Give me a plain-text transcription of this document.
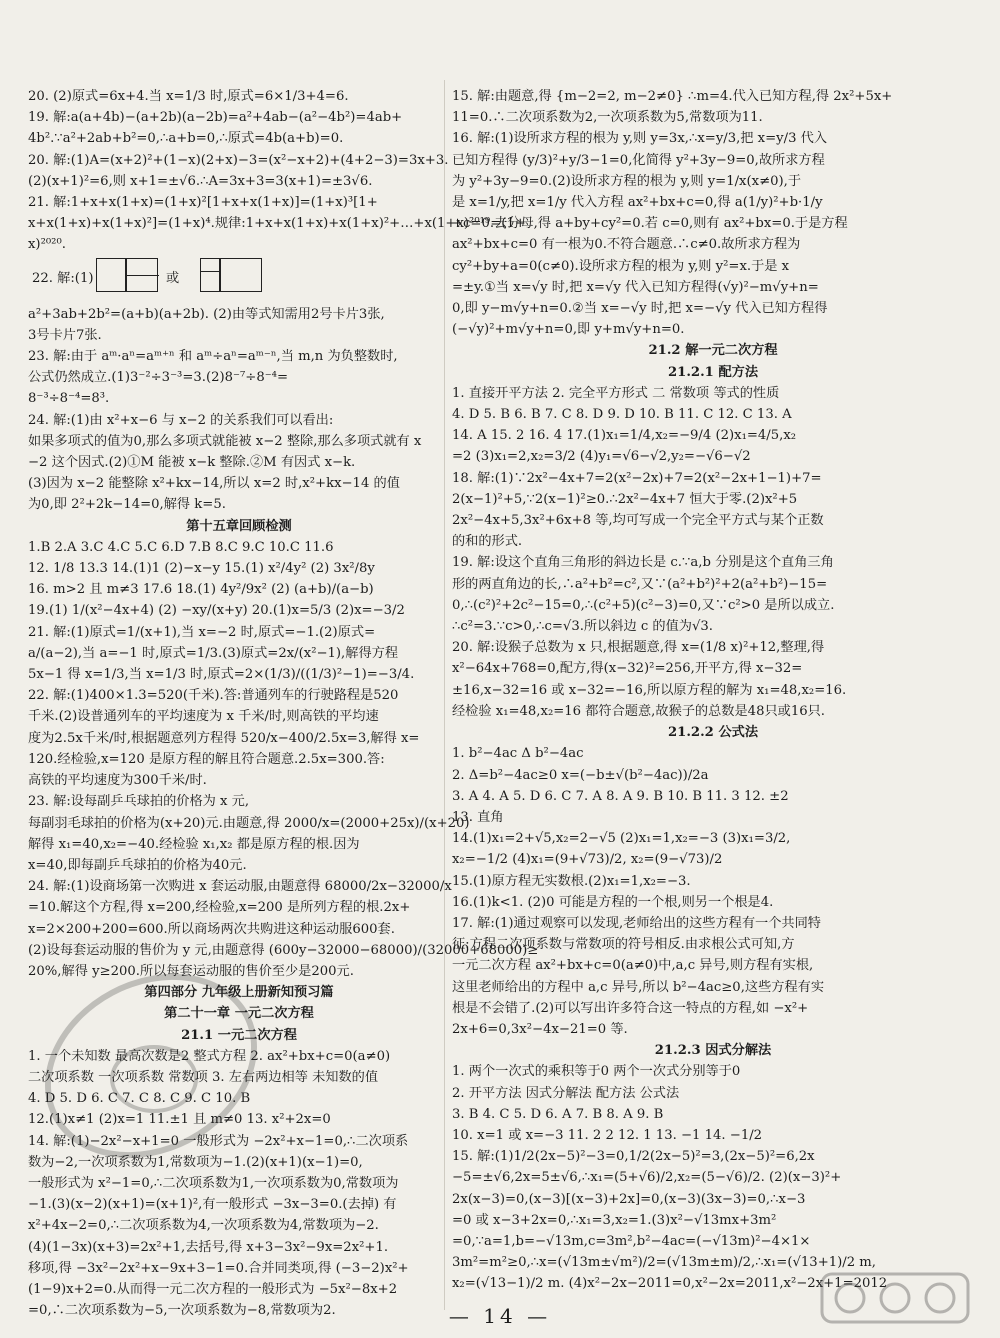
20. (2)原式=6x+4.当 x=1/3 时,原式=6×1/3+4=6.

19. 解:a(a+4b)−(a+2b)(a−2b)=a²+4ab−(a²−4b²)=4ab+

4b².∵a²+2ab+b²=0,∴a+b=0,∴原式=4b(a+b)=0.

20. 解:(1)A=(x+2)²+(1−x)(2+x)−3=(x²−x+2)+(4+2−3)=3x+3.

(2)(x+1)²=6,则 x+1=±√6.∴A=3x+3=3(x+1)=±3√6.

21. 解:1+x+x(1+x)=(1+x)²[1+x+x(1+x)]=(1+x)³[1+

x+x(1+x)+x(1+x)²]=(1+x)⁴.规律:1+x+x(1+x)+x(1+x)²+…+x(1+x)²⁰¹⁹=(1+

x)²⁰²⁰.

22. 解:(1)	或

a²+3ab+2b²=(a+b)(a+2b). (2)由等式知需用2号卡片3张,

3号卡片7张.

23. 解:由于 aᵐ·aⁿ=aᵐ⁺ⁿ 和 aᵐ÷aⁿ=aᵐ⁻ⁿ,当 m,n 为负整数时,

公式仍然成立.(1)3⁻²÷3⁻³=3.(2)8⁻⁷÷8⁻⁴=

8⁻³÷8⁻⁴=8³.

24. 解:(1)由 x²+x−6 与 x−2 的关系我们可以看出:

如果多项式的值为0,那么多项式就能被 x−2 整除,那么多项式就有 x

−2 这个因式.(2)①M 能被 x−k 整除.②M 有因式 x−k.

(3)因为 x−2 能整除 x²+kx−14,所以 x=2 时,x²+kx−14 的值

为0,即 2²+2k−14=0,解得 k=5.

第十五章回顾检测

1.B 2.A 3.C 4.C 5.C 6.D 7.B 8.C 9.C 10.C 11.6

12. 1/8 13.3 14.(1)1 (2)−x−y 15.(1) x²/4y² (2) 3x²/8y

16. m>2 且 m≠3 17.6 18.(1) 4y²/9x² (2) (a+b)/(a−b)

19.(1) 1/(x²−4x+4) (2) −xy/(x+y) 20.(1)x=5/3 (2)x=−3/2

21. 解:(1)原式=1/(x+1),当 x=−2 时,原式=−1.(2)原式=

a/(a−2),当 a=−1 时,原式=1/3.(3)原式=2x/(x²−1),解得方程

5x−1 得 x=1/3,当 x=1/3 时,原式=2×(1/3)/((1/3)²−1)=−3/4.

22. 解:(1)400×1.3=520(千米).答:普通列车的行驶路程是520

千米.(2)设普通列车的平均速度为 x 千米/时,则高铁的平均速

度为2.5x千米/时,根据题意列方程得 520/x−400/2.5x=3,解得 x=

120.经检验,x=120 是原方程的解且符合题意.2.5x=300.答:

高铁的平均速度为300千米/时.

23. 解:设每副乒乓球拍的价格为 x 元,

每副羽毛球拍的价格为(x+20)元.由题意,得 2000/x=(2000+25x)/(x+20)

解得 x₁=40,x₂=−40.经检验 x₁,x₂ 都是原方程的根.因为

x=40,即每副乒乓球拍的价格为40元.

24. 解:(1)设商场第一次购进 x 套运动服,由题意得 68000/2x−32000/x

=10.解这个方程,得 x=200,经检验,x=200 是所列方程的根.2x+

x=2×200+200=600.所以商场两次共购进这种运动服600套.

(2)设每套运动服的售价为 y 元,由题意得 (600y−32000−68000)/(32000+68000)≥

20%,解得 y≥200.所以每套运动服的售价至少是200元.

第四部分 九年级上册新知预习篇

第二十一章 一元二次方程

21.1 一元二次方程

1. 一个未知数 最高次数是2 整式方程 2. ax²+bx+c=0(a≠0)

二次项系数 一次项系数 常数项 3. 左右两边相等 未知数的值

4. D 5. D 6. C 7. C 8. C 9. C 10. B

12.(1)x≠1 (2)x=1 11.±1 且 m≠0 13. x²+2x=0

14. 解:(1)−2x²−x+1=0 一般形式为 −2x²+x−1=0,∴二次项系

数为−2,一次项系数为1,常数项为−1.(2)(x+1)(x−1)=0,

一般形式为 x²−1=0,∴二次项系数为1,一次项系数为0,常数项为

−1.(3)(x−2)(x+1)=(x+1)²,有一般形式 −3x−3=0.(去掉) 有

x²+4x−2=0,∴二次项系数为4,一次项系数为4,常数项为−2.

(4)(1−3x)(x+3)=2x²+1,去括号,得 x+3−3x²−9x=2x²+1.

移项,得 −3x²−2x²+x−9x+3−1=0.合并同类项,得 (−3−2)x²+

(1−9)x+2=0.从而得一元二次方程的一般形式为 −5x²−8x+2

=0,∴二次项系数为−5,一次项系数为−8,常数项为2.

15. 解:由题意,得 {m−2=2, m−2≠0} ∴m=4.代入已知方程,得 2x²+5x+

11=0.∴二次项系数为2,一次项系数为5,常数项为11.

16. 解:(1)设所求方程的根为 y,则 y=3x,∴x=y/3,把 x=y/3 代入

已知方程得 (y/3)²+y/3−1=0,化简得 y²+3y−9=0,故所求方程

为 y²+3y−9=0.(2)设所求方程的根为 y,则 y=1/x(x≠0),于

是 x=1/y,把 x=1/y 代入方程 ax²+bx+c=0,得 a(1/y)²+b·1/y

+c=0.去分母,得 a+by+cy²=0.若 c=0,则有 ax²+bx=0.于是方程

ax²+bx+c=0 有一根为0.不符合题意.∴c≠0.故所求方程为

cy²+by+a=0(c≠0).设所求方程的根为 y,则 y²=x.于是 x

=±y.①当 x=√y 时,把 x=√y 代入已知方程得(√y)²−m√y+n=

0,即 y−m√y+n=0.②当 x=−√y 时,把 x=−√y 代入已知方程得

(−√y)²+m√y+n=0,即 y+m√y+n=0.

21.2 解一元二次方程

21.2.1 配方法

1. 直接开平方法 2. 完全平方形式 二 常数项 等式的性质

4. D 5. B 6. B 7. C 8. D 9. D 10. B 11. C 12. C 13. A

14. A 15. 2 16. 4 17.(1)x₁=1/4,x₂=−9/4 (2)x₁=4/5,x₂

=2 (3)x₁=2,x₂=3/2 (4)y₁=√6−√2,y₂=−√6−√2

18. 解:(1)∵2x²−4x+7=2(x²−2x)+7=2(x²−2x+1−1)+7=

2(x−1)²+5,∵2(x−1)²≥0.∴2x²−4x+7 恒大于零.(2)x²+5

2x²−4x+5,3x²+6x+8 等,均可写成一个完全平方式与某个正数

的和的形式.

19. 解:设这个直角三角形的斜边长是 c.∵a,b 分别是这个直角三角

形的两直角边的长,∴a²+b²=c²,又∵(a²+b²)²+2(a²+b²)−15=

0,∴(c²)²+2c²−15=0,∴(c²+5)(c²−3)=0,又∵c²>0 是所以成立.

∴c²=3.∵c>0,∴c=√3.所以斜边 c 的值为√3.

20. 解:设猴子总数为 x 只,根据题意,得 x=(1/8 x)²+12,整理,得

x²−64x+768=0,配方,得(x−32)²=256,开平方,得 x−32=

±16,x−32=16 或 x−32=−16,所以原方程的解为 x₁=48,x₂=16.

经检验 x₁=48,x₂=16 都符合题意,故猴子的总数是48只或16只.

21.2.2 公式法

1. b²−4ac Δ b²−4ac

2. Δ=b²−4ac≥0 x=(−b±√(b²−4ac))/2a

3. A 4. A 5. D 6. C 7. A 8. A 9. B 10. B 11. 3 12. ±2

13. 直角

14.(1)x₁=2+√5,x₂=2−√5 (2)x₁=1,x₂=−3 (3)x₁=3/2,

x₂=−1/2 (4)x₁=(9+√73)/2, x₂=(9−√73)/2

15.(1)原方程无实数根.(2)x₁=1,x₂=−3.

16.(1)k<1. (2)0 可能是方程的一个根,则另一个根是4.

17. 解:(1)通过观察可以发现,老师给出的这些方程有一个共同特

征:方程二次项系数与常数项的符号相反.由求根公式可知,方

一元二次方程 ax²+bx+c=0(a≠0)中,a,c 异号,则方程有实根,

这里老师给出的方程中 a,c 异号,所以 b²−4ac≥0,这些方程有实

根是不会错了.(2)可以写出许多符合这一特点的方程,如 −x²+

2x+6=0,3x²−4x−21=0 等.

21.2.3 因式分解法

1. 两个一次式的乘积等于0 两个一次式分别等于0

2. 开平方法 因式分解法 配方法 公式法

3. B 4. C 5. D 6. A 7. B 8. A 9. B

10. x=1 或 x=−3 11. 2 2 12. 1 13. −1 14. −1/2

15. 解:(1)1/2(2x−5)²−3=0,1/2(2x−5)²=3,(2x−5)²=6,2x

−5=±√6,2x=5±√6,∴x₁=(5+√6)/2,x₂=(5−√6)/2. (2)(x−3)²+

2x(x−3)=0,(x−3)[(x−3)+2x]=0,(x−3)(3x−3)=0,∴x−3

=0 或 x−3+2x=0,∴x₁=3,x₂=1.(3)x²−√13mx+3m²

=0,∵a=1,b=−√13m,c=3m²,b²−4ac=(−√13m)²−4×1×

3m²=m²≥0,∴x=(√13m±√m²)/2=(√13m±m)/2,∴x₁=(√13+1)/2 m,

x₂=(√13−1)/2 m. (4)x²−2x−2011=0,x²−2x=2011,x²−2x+1=2012

— 14 —
